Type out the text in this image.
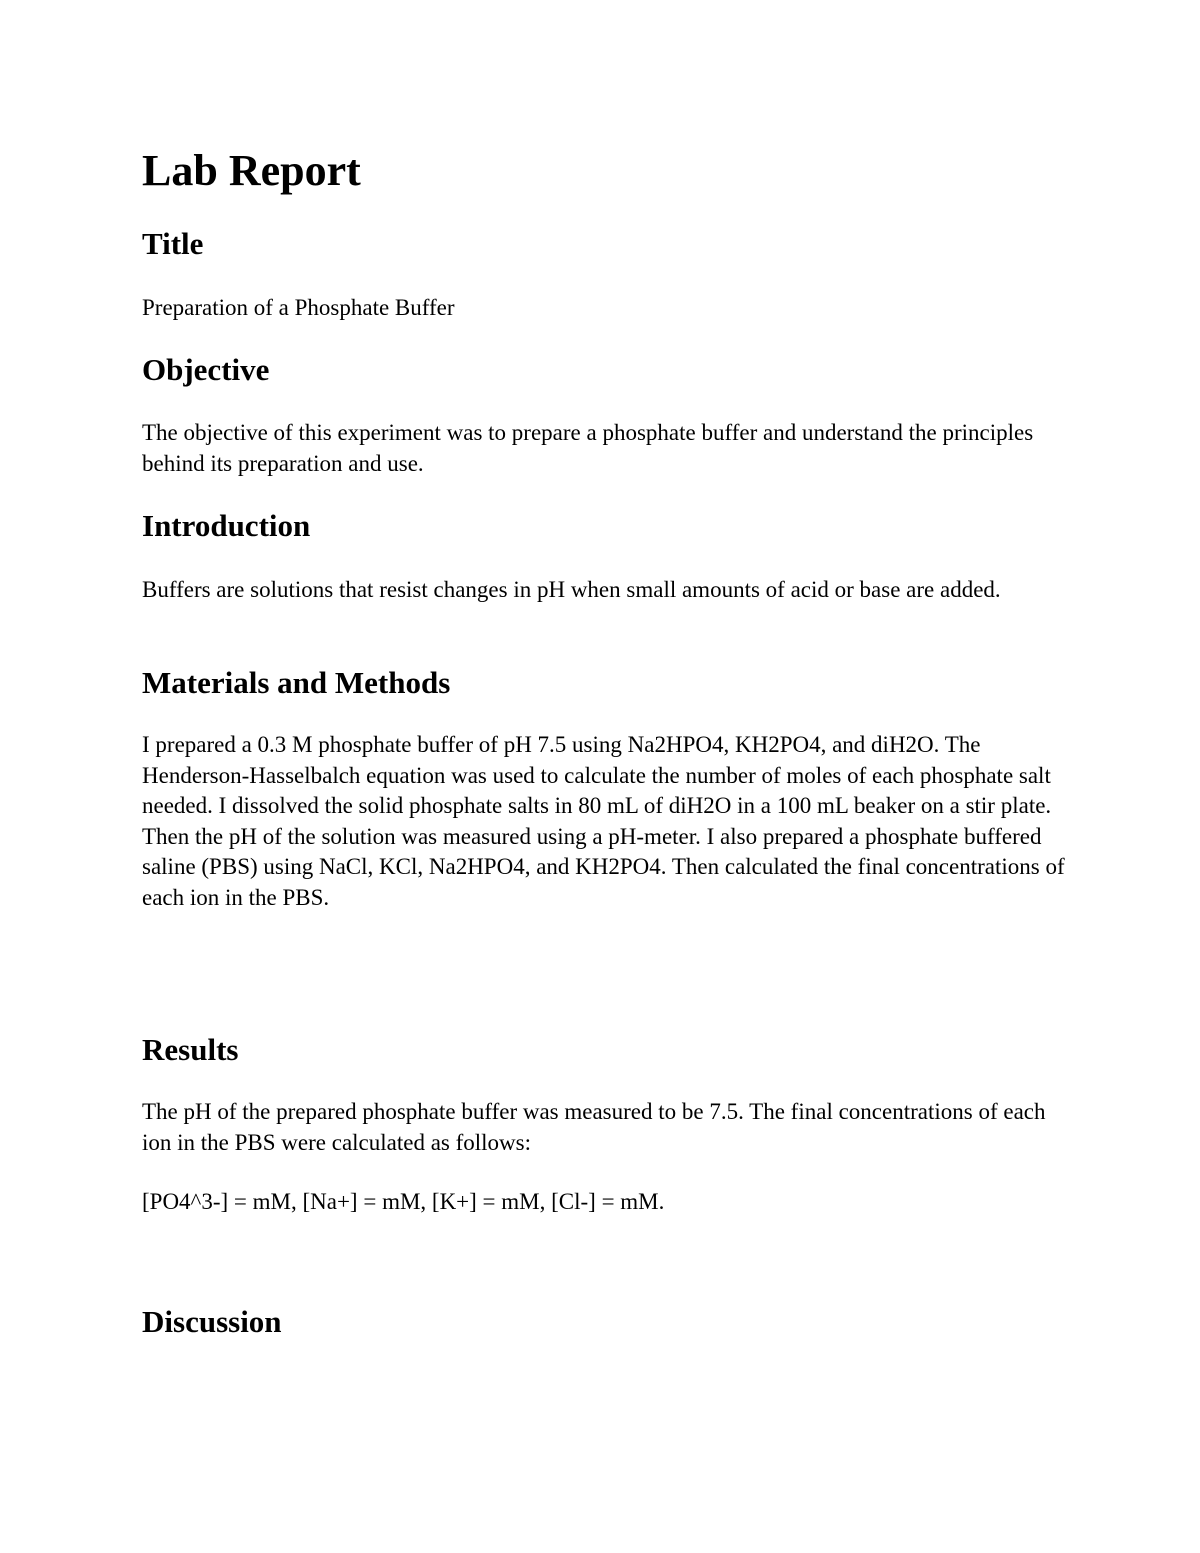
Lab Report
Title

Preparation of a Phosphate Buffer

Objective

The objective of this experiment was to prepare a phosphate buffer and understand the principles behind its preparation and use.

Introduction

Buffers are solutions that resist changes in pH when small amounts of acid or base are added.

Materials and Methods

I prepared a 0.3 M phosphate buffer of pH 7.5 using Na2HPO4, KH2PO4, and diH2O. The Henderson-Hasselbalch equation was used to calculate the number of moles of each phosphate salt needed. I dissolved the solid phosphate salts in 80 mL of diH2O in a 100 mL beaker on a stir plate. Then the pH of the solution was measured using a pH-meter. I also prepared a phosphate buffered saline (PBS) using NaCl, KCl, Na2HPO4, and KH2PO4. Then calculated the final concentrations of each ion in the PBS.

Results

The pH of the prepared phosphate buffer was measured to be 7.5. The final concentrations of each ion in the PBS were calculated as follows:

[PO4^3-] = mM, [Na+] = mM, [K+] = mM, [Cl-] = mM.

Discussion
